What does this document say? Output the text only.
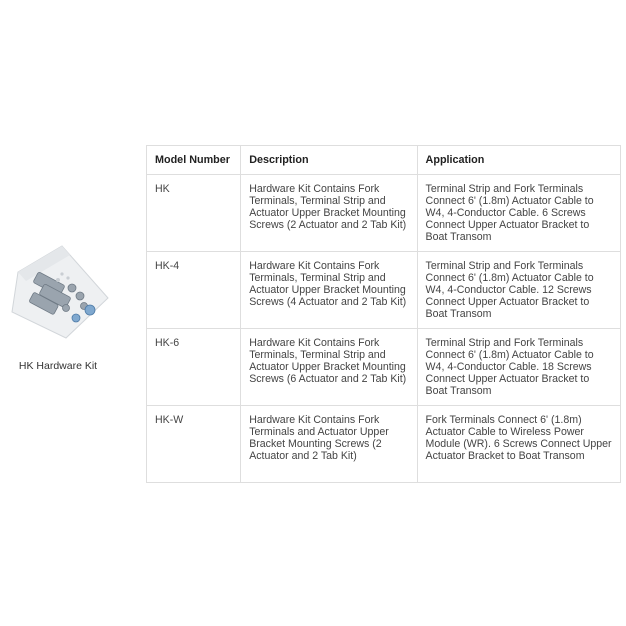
HK Hardware Kit
Model Number	Description	Application
HK	Hardware Kit Contains Fork Terminals, Terminal Strip and Actuator Upper Bracket Mounting Screws (2 Actuator and 2 Tab Kit)	Terminal Strip and Fork Terminals Connect 6' (1.8m) Actuator Cable to W4, 4-Conductor Cable. 6 Screws Connect Upper Actuator Bracket to Boat Transom
HK-4	Hardware Kit Contains Fork Terminals, Terminal Strip and Actuator Upper Bracket Mounting Screws (4 Actuator and 2 Tab Kit)	Terminal Strip and Fork Terminals Connect 6' (1.8m) Actuator Cable to W4, 4-Conductor Cable. 12 Screws Connect Upper Actuator Bracket to Boat Transom
HK-6	Hardware Kit Contains Fork Terminals, Terminal Strip and Actuator Upper Bracket Mounting Screws (6 Actuator and 2 Tab Kit)	Terminal Strip and Fork Terminals Connect 6' (1.8m) Actuator Cable to W4, 4-Conductor Cable. 18 Screws Connect Upper Actuator Bracket to Boat Transom
HK-W	Hardware Kit Contains Fork Terminals and Actuator Upper Bracket Mounting Screws (2 Actuator and 2 Tab Kit)	Fork Terminals Connect 6' (1.8m) Actuator Cable to Wireless Power Module (WR). 6 Screws Connect Upper Actuator Bracket to Boat Transom
